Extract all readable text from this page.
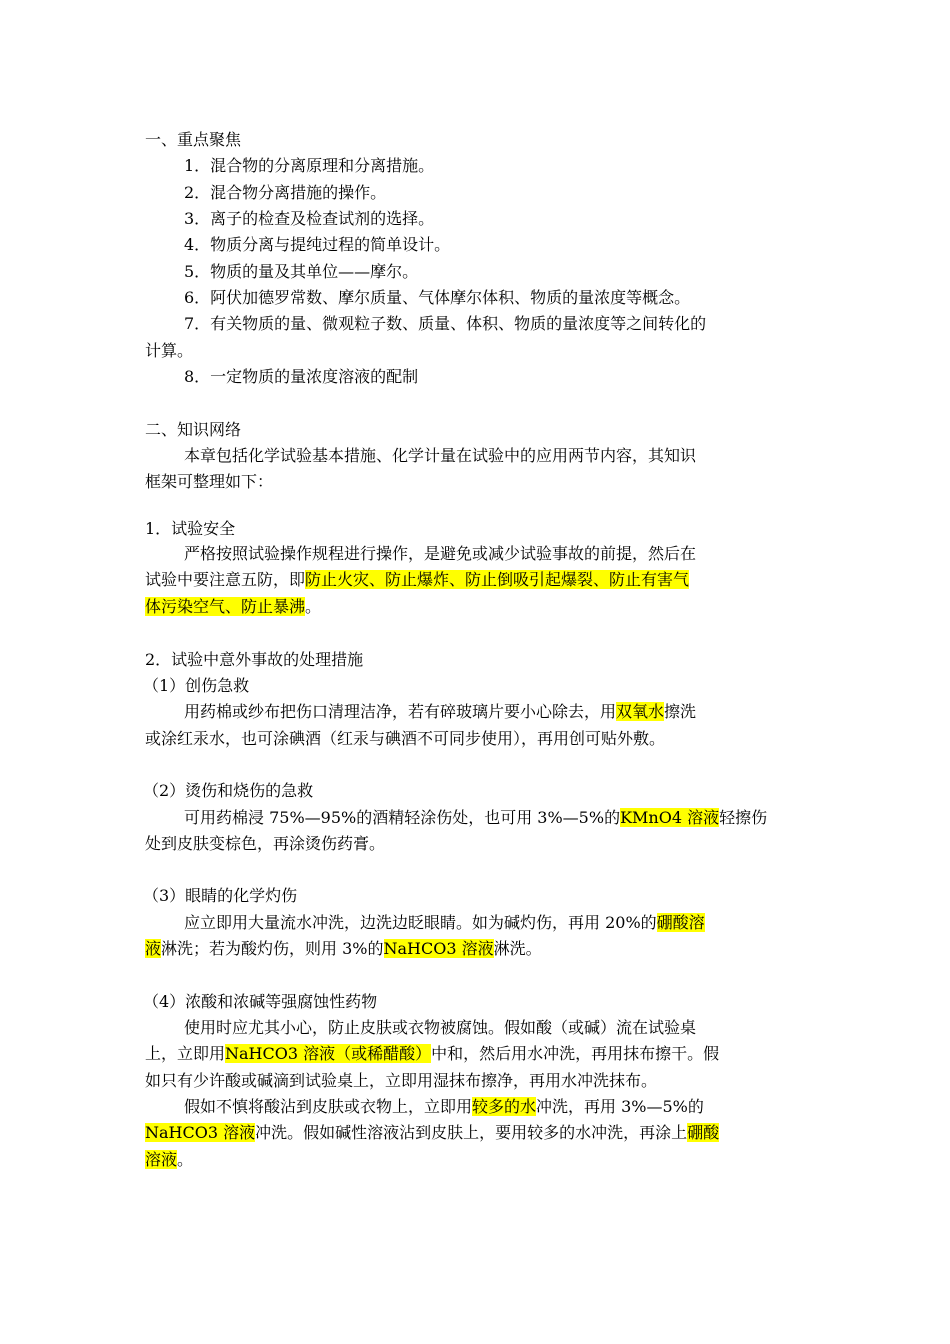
一、重点聚焦
1．混合物的分离原理和分离措施。
2．混合物分离措施的操作。
3．离子的检查及检查试剂的选择。
4．物质分离与提纯过程的简单设计。
5．物质的量及其单位——摩尔。
6．阿伏加德罗常数、摩尔质量、气体摩尔体积、物质的量浓度等概念。
7．有关物质的量、微观粒子数、质量、体积、物质的量浓度等之间转化的
计算。
8．一定物质的量浓度溶液的配制
二、知识网络
本章包括化学试验基本措施、化学计量在试验中的应用两节内容，其知识
框架可整理如下：
1．试验安全
严格按照试验操作规程进行操作，是避免或减少试验事故的前提，然后在
试验中要注意五防，即防止火灾、防止爆炸、防止倒吸引起爆裂、防止有害气
体污染空气、防止暴沸。
2．试验中意外事故的处理措施
（1）创伤急救
用药棉或纱布把伤口清理洁净，若有碎玻璃片要小心除去，用双氧水擦洗
或涂红汞水，也可涂碘酒（红汞与碘酒不可同步使用），再用创可贴外敷。
（2）烫伤和烧伤的急救
可用药棉浸 75%—95%的酒精轻涂伤处，也可用 3%—5%的KMnO4 溶液轻擦伤
处到皮肤变棕色，再涂烫伤药膏。
（3）眼睛的化学灼伤
应立即用大量流水冲洗，边洗边眨眼睛。如为碱灼伤，再用 20%的硼酸溶
液淋洗；若为酸灼伤，则用 3%的NaHCO3 溶液淋洗。
（4）浓酸和浓碱等强腐蚀性药物
使用时应尤其小心，防止皮肤或衣物被腐蚀。假如酸（或碱）流在试验桌
上，立即用NaHCO3 溶液（或稀醋酸）中和，然后用水冲洗，再用抹布擦干。假
如只有少许酸或碱滴到试验桌上，立即用湿抹布擦净，再用水冲洗抹布。
假如不慎将酸沾到皮肤或衣物上，立即用较多的水冲洗，再用 3%—5%的
NaHCO3 溶液冲洗。假如碱性溶液沾到皮肤上，要用较多的水冲洗，再涂上硼酸
溶液。
